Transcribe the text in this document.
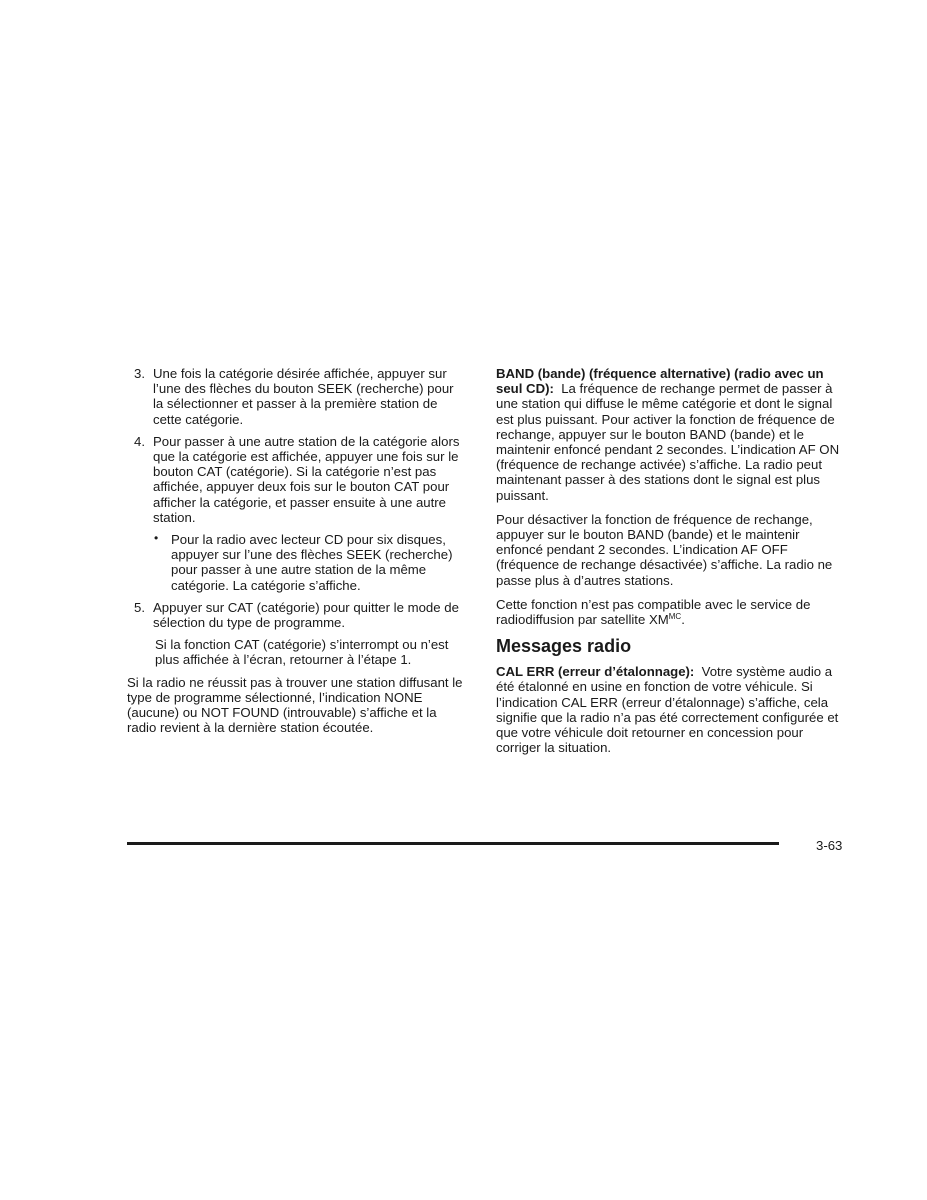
3. Une fois la catégorie désirée affichée, appuyer sur l’une des flèches du bouton SEEK (recherche) pour la sélectionner et passer à la première station de cette catégorie.

4. Pour passer à une autre station de la catégorie alors que la catégorie est affichée, appuyer une fois sur le bouton CAT (catégorie). Si la catégorie n’est pas affichée, appuyer deux fois sur le bouton CAT pour afficher la catégorie, et passer ensuite à une autre station.

• Pour la radio avec lecteur CD pour six disques, appuyer sur l’une des flèches SEEK (recherche) pour passer à une autre station de la même catégorie. La catégorie s’affiche.

5. Appuyer sur CAT (catégorie) pour quitter le mode de sélection du type de programme.

Si la fonction CAT (catégorie) s’interrompt ou n’est plus affichée à l’écran, retourner à l’étape 1.

Si la radio ne réussit pas à trouver une station diffusant le type de programme sélectionné, l’indication NONE (aucune) ou NOT FOUND (introuvable) s’affiche et la radio revient à la dernière station écoutée.

BAND (bande) (fréquence alternative) (radio avec un seul CD): La fréquence de rechange permet de passer à une station qui diffuse le même catégorie et dont le signal est plus puissant. Pour activer la fonction de fréquence de rechange, appuyer sur le bouton BAND (bande) et le maintenir enfoncé pendant 2 secondes. L’indication AF ON (fréquence de rechange activée) s’affiche. La radio peut maintenant passer à des stations dont le signal est plus puissant.

Pour désactiver la fonction de fréquence de rechange, appuyer sur le bouton BAND (bande) et le maintenir enfoncé pendant 2 secondes. L’indication AF OFF (fréquence de rechange désactivée) s’affiche. La radio ne passe plus à d’autres stations.

Cette fonction n’est pas compatible avec le service de radiodiffusion par satellite $XM^{MC}$.

Messages radio

CAL ERR (erreur d’étalonnage): Votre système audio a été étalonné en usine en fonction de votre véhicule. Si l’indication CAL ERR (erreur d’étalonnage) s’affiche, cela signifie que la radio n’a pas été correctement configurée et que votre véhicule doit retourner en concession pour corriger la situation.

3-63
